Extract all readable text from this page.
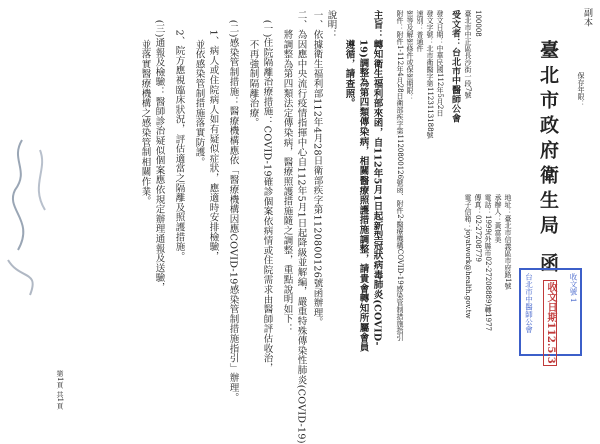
副本
保存年限：
臺北市政府衛生局 函
地址：臺北市信義區市府路1號
承辦人：黃富美
電話：1999(外縣市02-27208889)轉1977
傳真：02-27208779
電子信箱：joyatwork@health.gov.tw
100008
臺北市中正區長沙街一段7號
受文者：台北市中醫師公會
發文日期：中華民國112年5月2日
發文字號：北市衛醫字第1123113188號
速別：普通件
密等及解密條件或保密期限：
附件：附件1-112年4月28日衛部疾字第1120800126號函、附件2-醫療機構COVID-19感染管制措施指引
主旨：轉知衛生福利部來函，自112年5月1日起新型冠狀病毒肺炎(COVID-
　　　19)調整為第四類傳染病，相關醫療照護措施調整，請貴會轉知所屬會員
　　　遵循，請查照。
說明：
一、依據衛生福利部112年4月28日衛部疾字第1120800126號函辦理。
二、為因應中央流行疫情指揮中心自112年5月1日起降級並解編，嚴重特殊傳染性肺炎(COVID-19)
　　將調整為第四類法定傳染病，醫療照護措施隨之調整，重點說明如下：
　(一)住院隔離治療措施：COVID-19確診個案依病情或住院需求由醫師評估收治，
　　　不再強制隔離治療。
　(二)感染管制措施：醫療機構應依「醫療機構因應COVID-19感染管制措施指引」辦理。
　　1、病人或住院病人如有疑似症狀，應適時安排檢驗，
　　　並依感染管制措施落實防護。
　　2、院方應視臨床狀況，評估適當之隔離及照護措施。
　(三)通報及檢驗：醫師診治疑似個案應依規定辦理通報及送驗，
　　　並落實醫療機構之感染管制相關作業。
收文號 1
收文日期112.5.3
台北市中醫師公會
第1頁 共1頁
